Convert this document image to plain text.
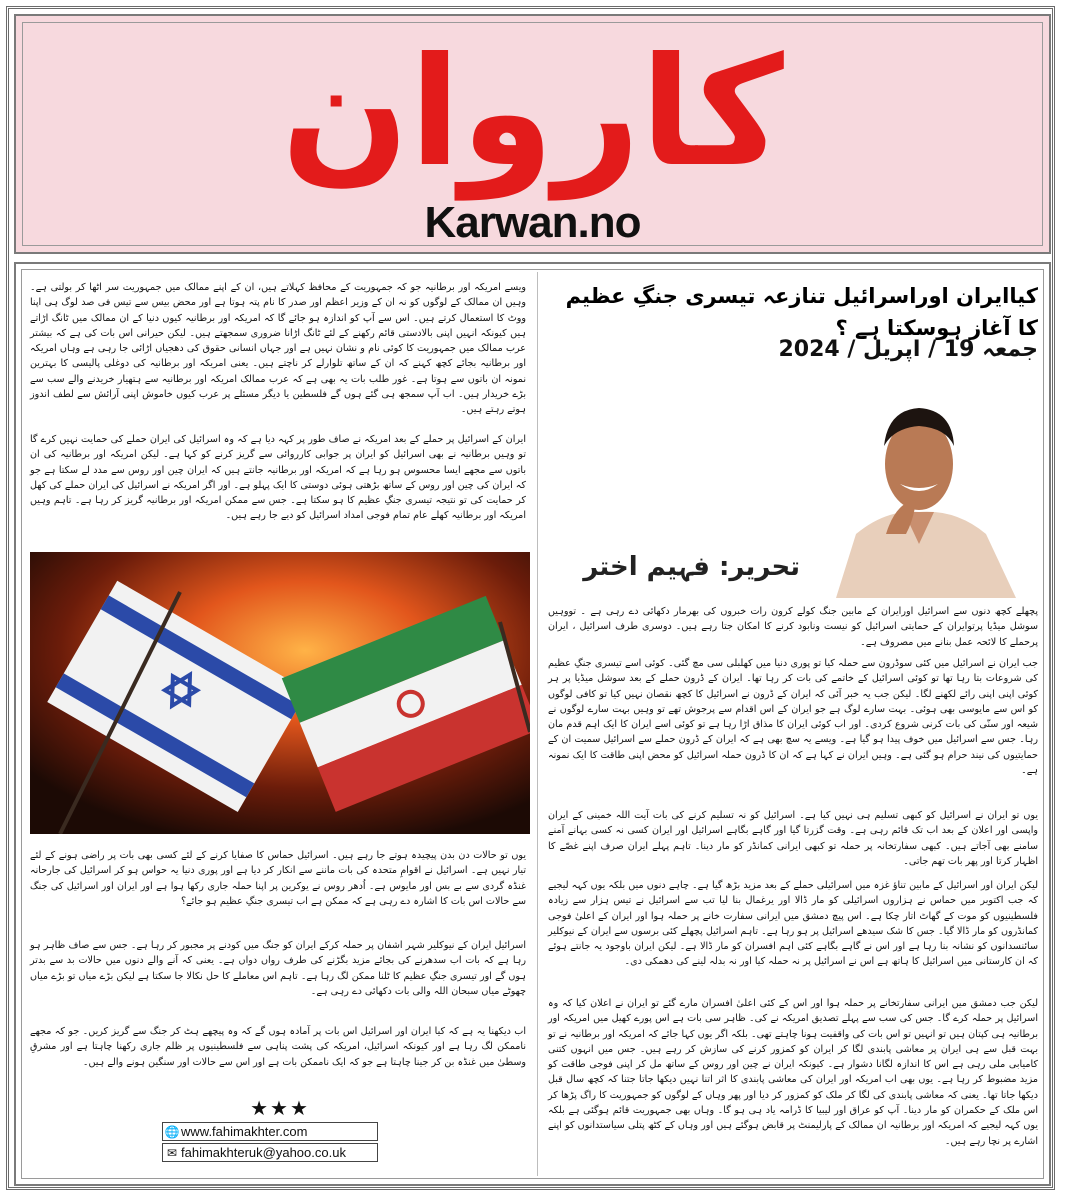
کاروان
Karwan.no
کیاایران اوراسرائیل تنازعہ تیسری جنگِ عظیم کا آغاز ہوسکتا ہے ؟
جمعہ 19 / اپریل / 2024
تحریر: فہیم اختر

پچھلے کچھ دنوں سے اسرائیل اورایران کے مابین جنگ کولے کرون رات خبروں کی بھرمار دکھائی دے رہی ہے ۔ تووہیں سوشل میڈیا پرتوایران کے حمایتی اسرائیل کو نیست ونابود کرنے کا امکان جتا رہے ہیں۔ دوسری طرف اسرائیل ، ایران پرحملے کا لائحہ عمل بنانے میں مصروف ہے۔

جب ایران نے اسرائیل میں کئی سوڈرون سے حملہ کیا تو پوری دنیا میں کھلبلی سی مچ گئی۔ کوئی اسے تیسری جنگِ عظیم کی شروعات بتا رہا تھا تو کوئی اسرائیل کے خاتمے کی بات کر رہا تھا۔ ایران کے ڈرون حملے کے بعد سوشل میڈیا پر ہر کوئی اپنی اپنی رائے لکھنے لگا۔ لیکن جب یہ خبر آئی کہ ایران کے ڈرون نے اسرائیل کا کچھ نقصان نہیں کیا تو کافی لوگوں کو اس سے مایوسی بھی ہوئی۔ بہت سارے لوگ ہے جو ایران کے اس اقدام سے پرجوش تھے تو وہیں بہت سارے لوگوں نے شیعہ اور سنّی کی بات کرنی شروع کردی۔ اور اب کوئی ایران کا مذاق اڑا رہا ہے تو کوئی اسے ایران کا ایک اہم قدم مان رہا۔ جس سے اسرائیل میں خوف پیدا ہو گیا ہے۔ ویسے یہ سچ بھی ہے کہ ایران کے ڈرون حملے سے اسرائیل سمیت ان کے حمایتیوں کی نیند حرام ہو گئی ہے۔ وہیں ایران نے کہا ہے کہ ان کا ڈرون حملہ اسرائیل کو محض اپنی طاقت کا ایک نمونہ ہے۔

یوں تو ایران نے اسرائیل کو کبھی تسلیم ہی نہیں کیا ہے۔ اسرائیل کو نہ تسلیم کرنے کی بات آیت اللہ خمینی کے ایران واپسی اور اعلان کے بعد اب تک قائم رہی ہے۔ وقت گزرتا گیا اور گاہے بگاہے اسرائیل اور ایران کسی نہ کسی بہانے آمنے سامنے بھی آجاتے ہیں۔ کبھی سفارتخانہ پر حملہ تو کبھی ایرانی کمانڈر کو مار دینا۔ تاہم پہلے ایران صرف اپنے غصّے کا اظہار کرتا اور پھر بات تھم جاتی۔

لیکن ایران اور اسرائیل کے مابین تناؤ غزہ میں اسرائیلی حملے کے بعد مزید بڑھ گیا ہے۔ چاہے دنوں میں بلکہ یوں کہہ لیجیے کہ جب اکتوبر میں حماس نے ہزاروں اسرائیلی کو مار ڈالا اور یرغمال بنا لیا تب سے اسرائیل نے تیس ہزار سے زیادہ فلسطینیوں کو موت کے گھاٹ اتار چکا ہے۔ اس پیچ دمشق میں ایرانی سفارت خانے پر حملہ ہوا اور ایران کے اعلیٰ فوجی کمانڈروں کو مار ڈالا گیا۔ جس کا شک سیدھے اسرائیل پر ہو رہا ہے۔ تاہم اسرائیل پچھلے کئی برسوں سے ایران کے نیوکلیر سائنسدانوں کو نشانہ بنا رہا ہے اور اس نے گاہے بگاہے کئی اہم افسران کو مار ڈالا ہے۔ لیکن ایران باوجود یہ جانتے ہوئے کہ ان کارستانی میں اسرائیل کا ہاتھ ہے اس نے اسرائیل پر نہ حملہ کیا اور نہ بدلہ لینے کی دھمکی دی۔

لیکن جب دمشق میں ایرانی سفارتخانے پر حملہ ہوا اور اس کے کئی اعلیٰ افسران مارے گئے تو ایران نے اعلان کیا کہ وہ اسرائیل پر حملہ کرے گا۔ جس کی سب سے پہلے تصدیق امریکہ نے کی۔ ظاہر سی بات ہے اس پورے کھیل میں امریکہ اور برطانیہ ہی کپتان ہیں تو انہیں تو اس بات کی واقفیت ہونا چاہتے تھی۔ بلکہ اگر یوں کہا جائے کہ امریکہ اور برطانیہ نے تو بہت قبل سے ہی ایران پر معاشی پابندی لگا کر ایران کو کمزور کرنے کی سازش کر رہے ہیں۔ جس میں انہوں کتنی کامیابی ملی رہی ہے اس کا اندازہ لگانا دشوار ہے۔ کیونکہ ایران نے چین اور روس کے ساتھ مل کر اپنی فوجی طاقت کو مزید مضبوط کر رہا ہے۔ یوں بھی اب امریکہ اور ایران کی معاشی پابندی کا اثر اتنا نہیں دیکھا جاتا جتنا کہ کچھ سال قبل دیکھا جاتا تھا۔ یعنی کہ معاشی پابندی کی لگا کر ملک کو کمزور کر دیا اور پھر وہاں کے لوگوں کو جمہوریت کا راگ پڑھا کر اس ملک کے حکمران کو مار دینا۔ آپ کو عراق اور لیبیا کا ڈرامہ یاد ہی ہو گا۔ وہاں بھی جمہوریت قائم ہوگئی ہے بلکہ یوں کہہ لیجیے کہ امریکہ اور برطانیہ ان ممالک کے پارلیمنٹ پر قابض ہوگئے ہیں اور وہاں کے کٹھ پتلی سیاستدانوں کو اپنے اشارے پر نچا رہے ہیں۔

ویسے امریکہ اور برطانیہ جو کہ جمہوریت کے محافظ کہلاتے ہیں، ان کے اپنے ممالک میں جمہوریت سر اٹھا کر بولتی ہے۔ وہیں ان ممالک کے لوگوں کو نہ ان کے وزیر اعظم اور صدر کا نام پتہ ہوتا ہے اور محض بیس سے تیس فی صد لوگ ہی اپنا ووٹ کا استعمال کرتے ہیں۔ اس سے آپ کو اندازہ ہو جائے گا کہ امریکہ اور برطانیہ کیوں دنیا کے ان ممالک میں ٹانگ اڑاتے ہیں کیونکہ انہیں اپنی بالادستی قائم رکھنے کے لئے ٹانگ اڑانا ضروری سمجھتے ہیں۔ لیکن حیرانی اس بات کی ہے کہ بیشتر عرب ممالک میں جمہوریت کا کوئی نام و نشان نہیں ہے اور جہاں انسانی حقوق کی دھجیاں اڑائی جا رہی ہے وہاں امریکہ اور برطانیہ بجائے کچھ کہنے کہ ان کے ساتھ تلوارلے کر ناچتے ہیں۔ یعنی امریکہ اور برطانیہ کی دوغلی پالیسی کا بہترین نمونہ ان باتوں سے ہوتا ہے۔ غور طلب بات یہ بھی ہے کہ عرب ممالک امریکہ اور برطانیہ سے ہتھیار خریدنے والے سب سے بڑے خریدار ہیں۔ اب آپ سمجھ ہی گئے ہوں گے فلسطین یا دیگر مسئلے پر عرب کیوں خاموش اپنی آرائش سے لطف اندوز ہوتے رہتے ہیں۔

ایران کے اسرائیل پر حملے کے بعد امریکہ نے صاف طور پر کہہ دیا ہے کہ وہ اسرائیل کی ایران حملے کی حمایت نہیں کرے گا تو وہیں برطانیہ نے بھی اسرائیل کو ایران پر جوابی کارروائی سے گریز کرنے کو کہا ہے۔ لیکن امریکہ اور برطانیہ کی ان باتوں سے مجھے ایسا محسوس ہو رہا ہے کہ امریکہ اور برطانیہ جانتے ہیں کہ ایران چین اور روس سے مدد لے سکتا ہے جو کہ ایران کی چین اور روس کے ساتھ بڑھتی ہوئی دوستی کا ایک پہلو ہے۔ اور اگر امریکہ نے اسرائیل کی ایران حملے کی کھل کر حمایت کی تو نتیجہ تیسری جنگِ عظیم کا ہو سکتا ہے۔ جس سے ممکن امریکہ اور برطانیہ گریز کر رہا ہے۔ تاہم وہیں امریکہ اور برطانیہ کھلے عام تمام فوجی امداد اسرائیل کو دیے جا رہے ہیں۔

یوں تو حالات دن بدن پیچیدہ ہوتے جا رہے ہیں۔ اسرائیل حماس کا صفایا کرنے کے لئے کسی بھی بات پر راضی ہونے کے لئے تیار نہیں ہے۔ اسرائیل نے اقوامِ متحدہ کی بات ماننے سے انکار کر دیا ہے اور پوری دنیا یہ حواس ہو کر اسرائیل کی جارحانہ غنڈہ گردی سے بے بس اور مایوس ہے۔ اُدھر روس نے یوکرین پر اپنا حملہ جاری رکھا ہوا ہے اور ایران اور اسرائیل کی جنگ سے حالات اس بات کا اشارہ دے رہی ہے کہ ممکن ہے اب تیسری جنگِ عظیم ہو جائے؟

اسرائیل ایران کے نیوکلیر شہر اشفان پر حملہ کرکے ایران کو جنگ میں کودنے پر مجبور کر رہا ہے۔ جس سے صاف ظاہر ہو رہا ہے کہ بات اب سدھرنے کی بجائے مزید بگڑنے کی طرف رواں دواں ہے۔ یعنی کہ آنے والے دنوں میں حالات بد سے بدتر ہوں گے اور تیسری جنگِ عظیم کا ٹلنا ممکن لگ رہا ہے۔ تاہم اس معاملے کا حل نکالا جا سکتا ہے لیکن بڑے میاں تو بڑے میاں چھوٹے میاں سبحان اللہ والی بات دکھائی دے رہی ہے۔

اب دیکھنا یہ ہے کہ کیا ایران اور اسرائیل اس بات پر آمادہ ہوں گے کہ وہ پیچھے ہٹ کر جنگ سے گریز کریں۔ جو کہ مجھے ناممکن لگ رہا ہے اور کیونکہ اسرائیل، امریکہ کی پشت پناہی سے فلسطینیوں پر ظلم جاری رکھنا چاہتا ہے اور مشرقِ وسطیٰ میں غنڈہ بن کر جینا چاہتا ہے جو کہ ایک ناممکن بات ہے اور اس سے حالات اور سنگین ہونے والے ہیں۔

★★★
🌐 www.fahimakhter.com
✉ fahimakhteruk@yahoo.co.uk
